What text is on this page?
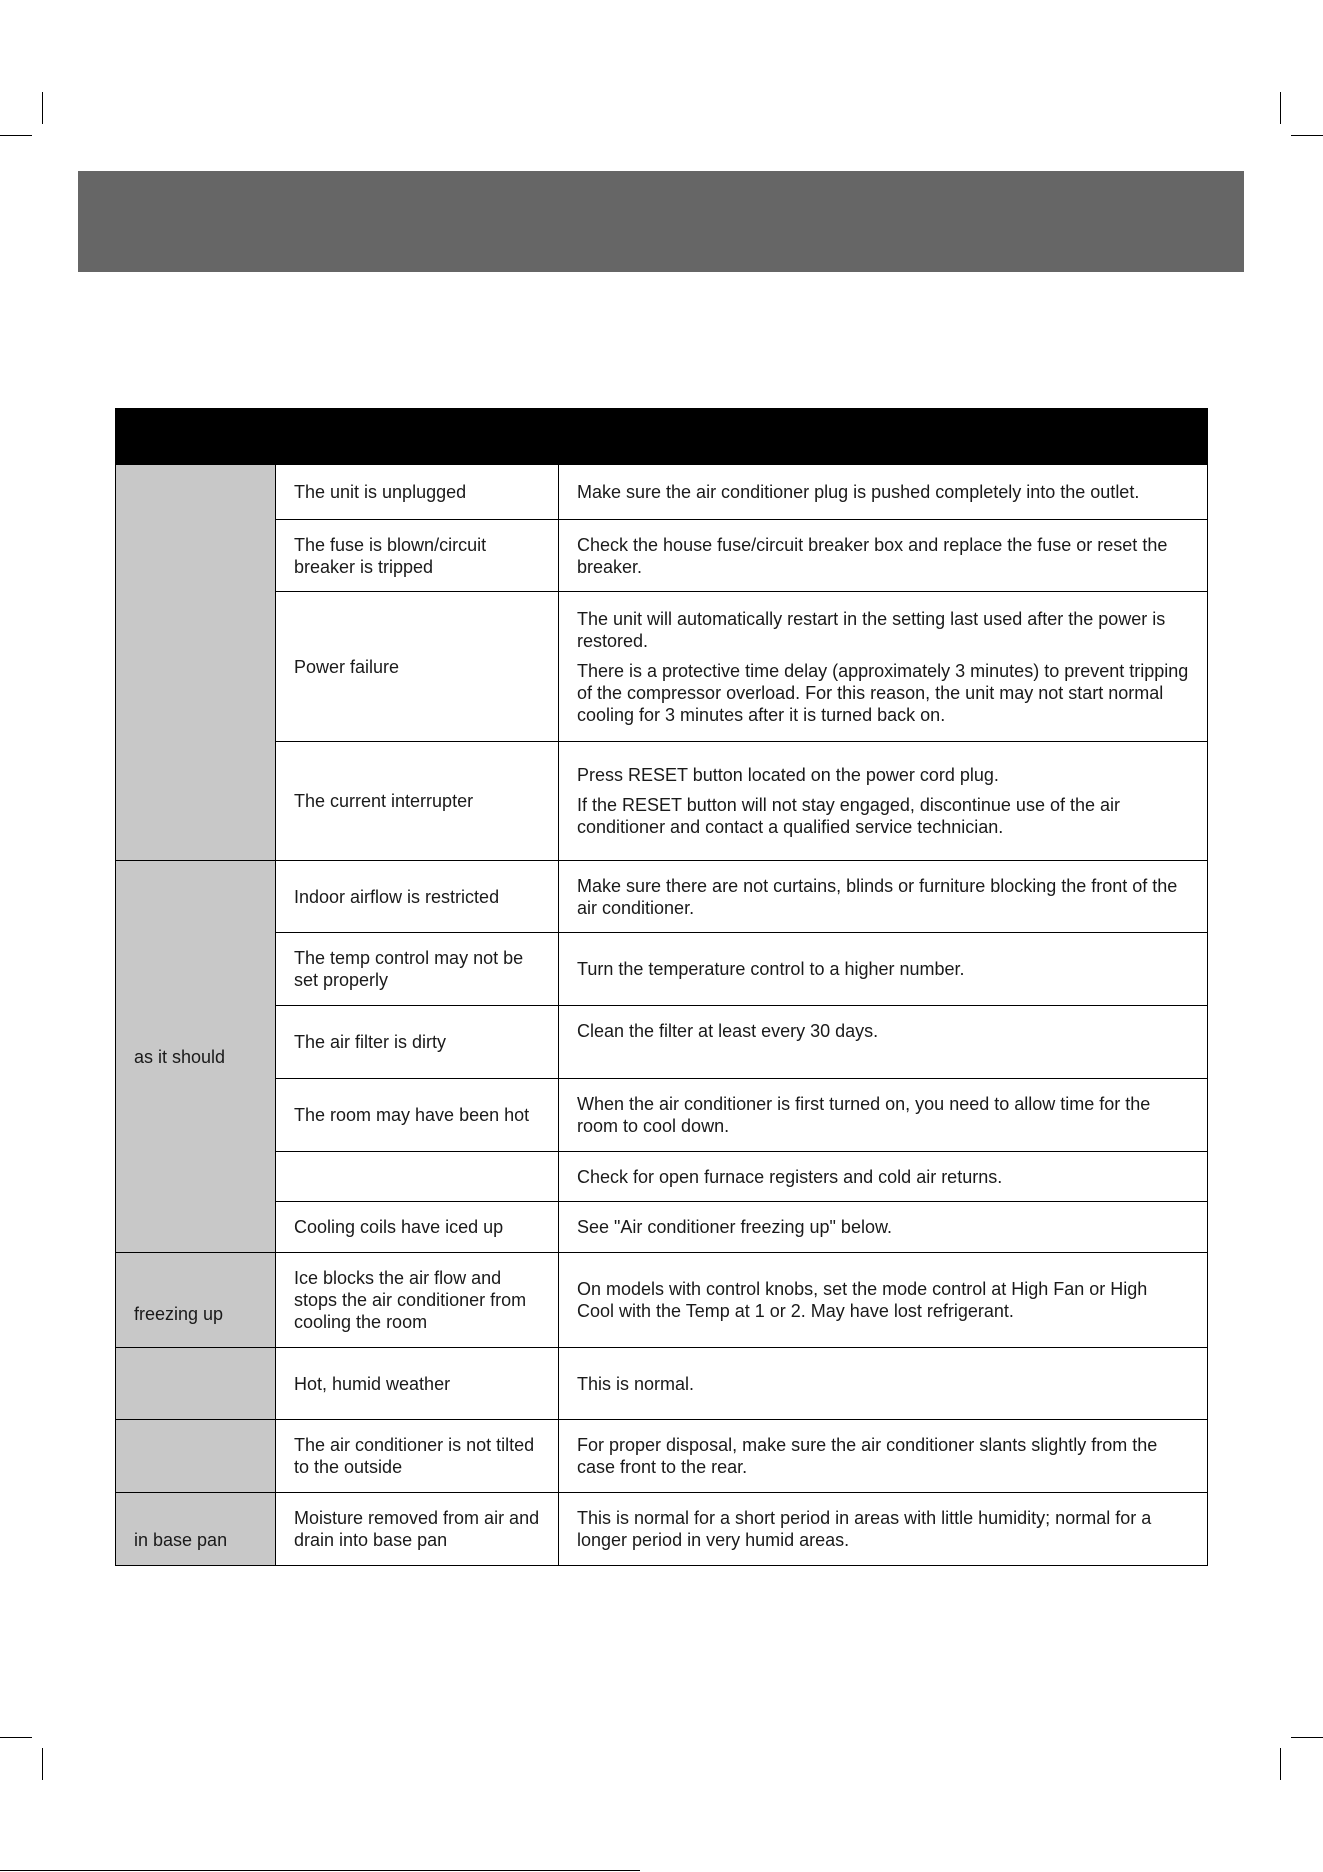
	The unit is unplugged	Make sure the air conditioner plug is pushed completely into the outlet.

	The fuse is blown/circuit breaker is tripped	Check the house fuse/circuit breaker box and replace the fuse or reset the breaker.

	Power failure	The unit will automatically restart in the setting last used after the power is restored.

There is a protective time delay (approximately 3 minutes) to prevent tripping of the compressor overload. For this reason, the unit may not start normal cooling for 3 minutes after it is turned back on.

	The current interrupter	Press RESET button located on the power cord plug.

If the RESET button will not stay engaged, discontinue use of the air conditioner and contact a qualified service technician.

as it should	Indoor airflow is restricted	Make sure there are not curtains, blinds or furniture blocking the front of the air conditioner.

	The temp control may not be set properly	Turn the temperature control to a higher number.

	The air filter is dirty	Clean the filter at least every 30 days.

	The room may have been hot	When the air conditioner is first turned on, you need to allow time for the room to cool down.

		Check for open furnace registers and cold air returns.

	Cooling coils have iced up	See "Air conditioner freezing up" below.

freezing up	Ice blocks the air flow and stops the air conditioner from cooling the room	On models with control knobs, set the mode control at High Fan or High Cool with the Temp at 1 or 2. May have lost refrigerant.

	Hot, humid weather	This is normal.

	The air conditioner is not tilted to the outside	For proper disposal, make sure the air conditioner slants slightly from the case front to the rear.

in base pan	Moisture removed from air and drain into base pan	This is normal for a short period in areas with little humidity; normal for a longer period in very humid areas.
